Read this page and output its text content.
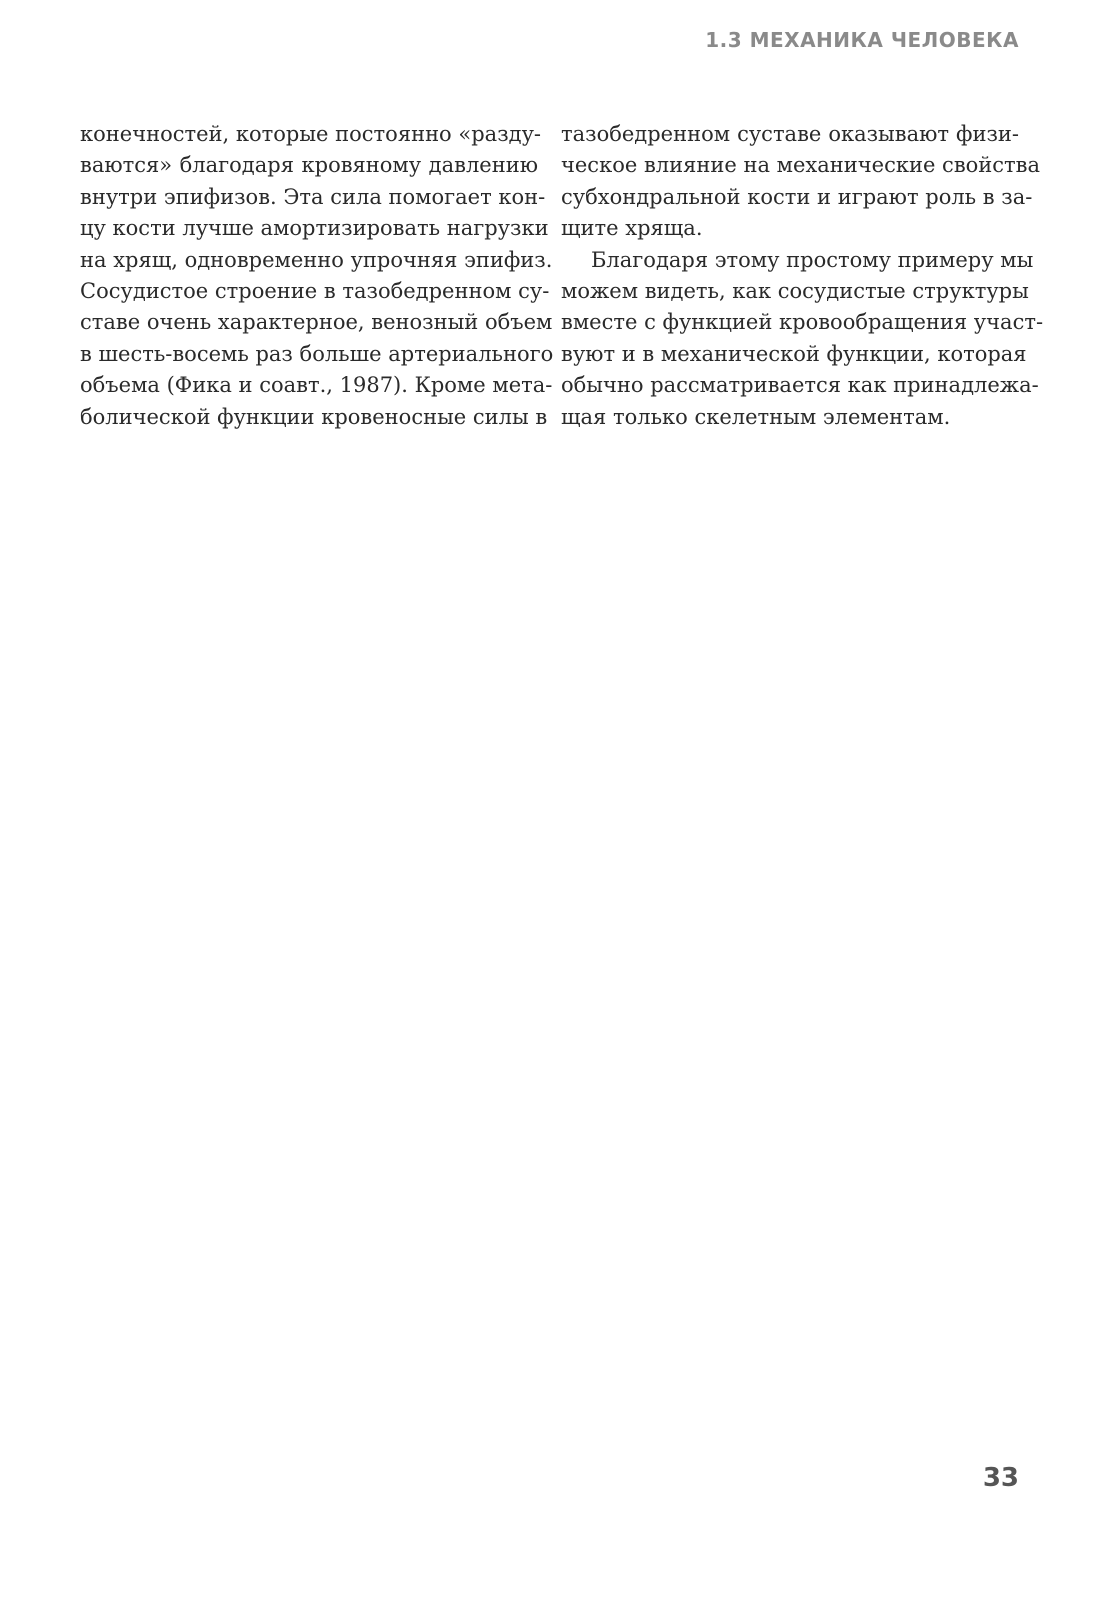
1.3 МЕХАНИКА ЧЕЛОВЕКА

конечностей, которые постоянно «разду-
ваются» благодаря кровяному давлению
внутри эпифизов. Эта сила помогает кон-
цу кости лучше амортизировать нагрузки
на хрящ, одновременно упрочняя эпифиз.
Сосудистое строение в тазобедренном су-
ставе очень характерное, венозный объем
в шесть-восемь раз больше артериального
объема (Фика и соавт., 1987). Кроме мета-
болической функции кровеносные силы в

тазобедренном суставе оказывают физи-
ческое влияние на механические свойства
субхондральной кости и играют роль в за-
щите хряща.

Благодаря этому простому примеру мы
можем видеть, как сосудистые структуры
вместе с функцией кровообращения участ-
вуют и в механической функции, которая
обычно рассматривается как принадлежа-
щая только скелетным элементам.

33
